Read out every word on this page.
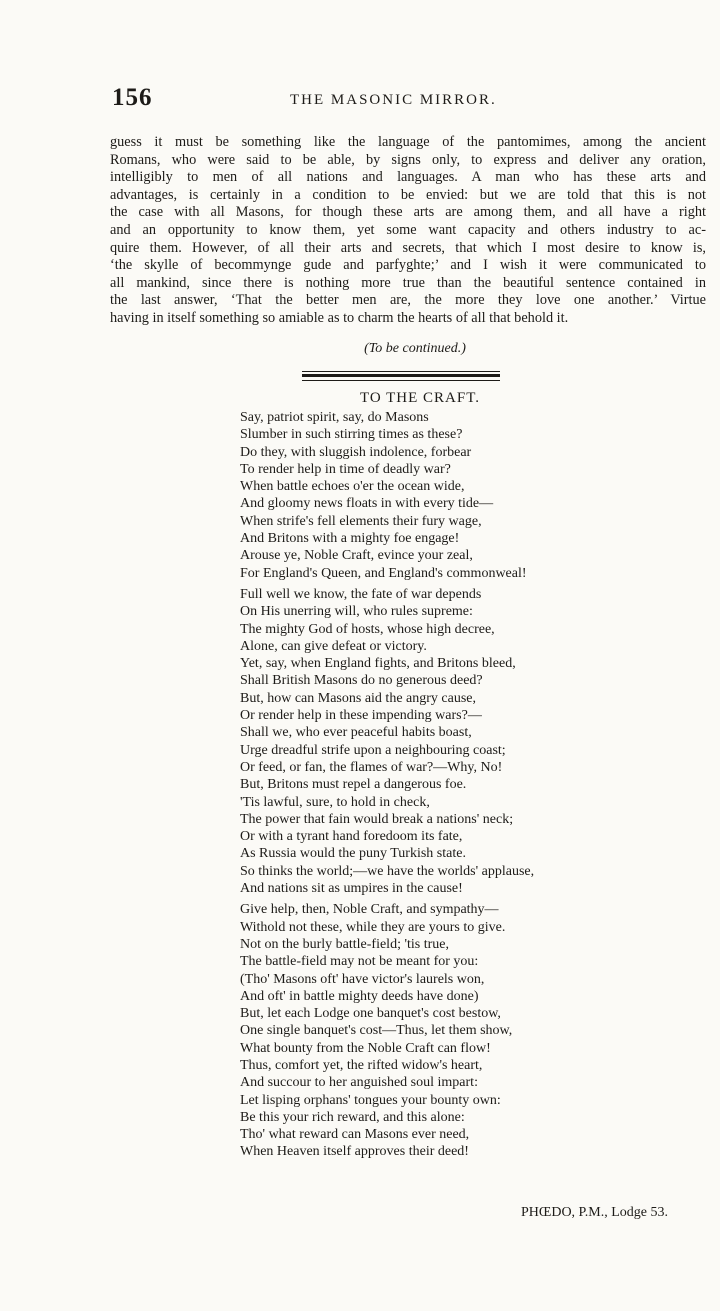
156	THE MASONIC MIRROR.
guess it must be something like the language of the pantomimes, among the ancient
Romans, who were said to be able, by signs only, to express and deliver any oration,
intelligibly to men of all nations and languages. A man who has these arts and
advantages, is certainly in a condition to be envied: but we are told that this is not
the case with all Masons, for though these arts are among them, and all have a right
and an opportunity to know them, yet some want capacity and others industry to ac-
quire them. However, of all their arts and secrets, that which I most desire to know is,
‘the skylle of becommynge gude and parfyghte;’ and I wish it were communicated to
all mankind, since there is nothing more true than the beautiful sentence contained in
the last answer, ‘That the better men are, the more they love one another.’ Virtue
having in itself something so amiable as to charm the hearts of all that behold it.
(To be continued.)
TO THE CRAFT.
Say, patriot spirit, say, do Masons
Slumber in such stirring times as these?
Do they, with sluggish indolence, forbear
To render help in time of deadly war?
When battle echoes o'er the ocean wide,
And gloomy news floats in with every tide—
When strife's fell elements their fury wage,
And Britons with a mighty foe engage!
Arouse ye, Noble Craft, evince your zeal,
For England's Queen, and England's commonweal!
Full well we know, the fate of war depends
On His unerring will, who rules supreme:
The mighty God of hosts, whose high decree,
Alone, can give defeat or victory.
Yet, say, when England fights, and Britons bleed,
Shall British Masons do no generous deed?
But, how can Masons aid the angry cause,
Or render help in these impending wars?—
Shall we, who ever peaceful habits boast,
Urge dreadful strife upon a neighbouring coast;
Or feed, or fan, the flames of war?—Why, No!
But, Britons must repel a dangerous foe.
'Tis lawful, sure, to hold in check,
The power that fain would break a nations' neck;
Or with a tyrant hand foredoom its fate,
As Russia would the puny Turkish state.
So thinks the world;—we have the worlds' applause,
And nations sit as umpires in the cause!
Give help, then, Noble Craft, and sympathy—
Withold not these, while they are yours to give.
Not on the burly battle-field; 'tis true,
The battle-field may not be meant for you:
(Tho' Masons oft' have victor's laurels won,
And oft' in battle mighty deeds have done)
But, let each Lodge one banquet's cost bestow,
One single banquet's cost—Thus, let them show,
What bounty from the Noble Craft can flow!
Thus, comfort yet, the rifted widow's heart,
And succour to her anguished soul impart:
Let lisping orphans' tongues your bounty own:
Be this your rich reward, and this alone:
Tho' what reward can Masons ever need,
When Heaven itself approves their deed!
PHŒDO, P.M., Lodge 53.
